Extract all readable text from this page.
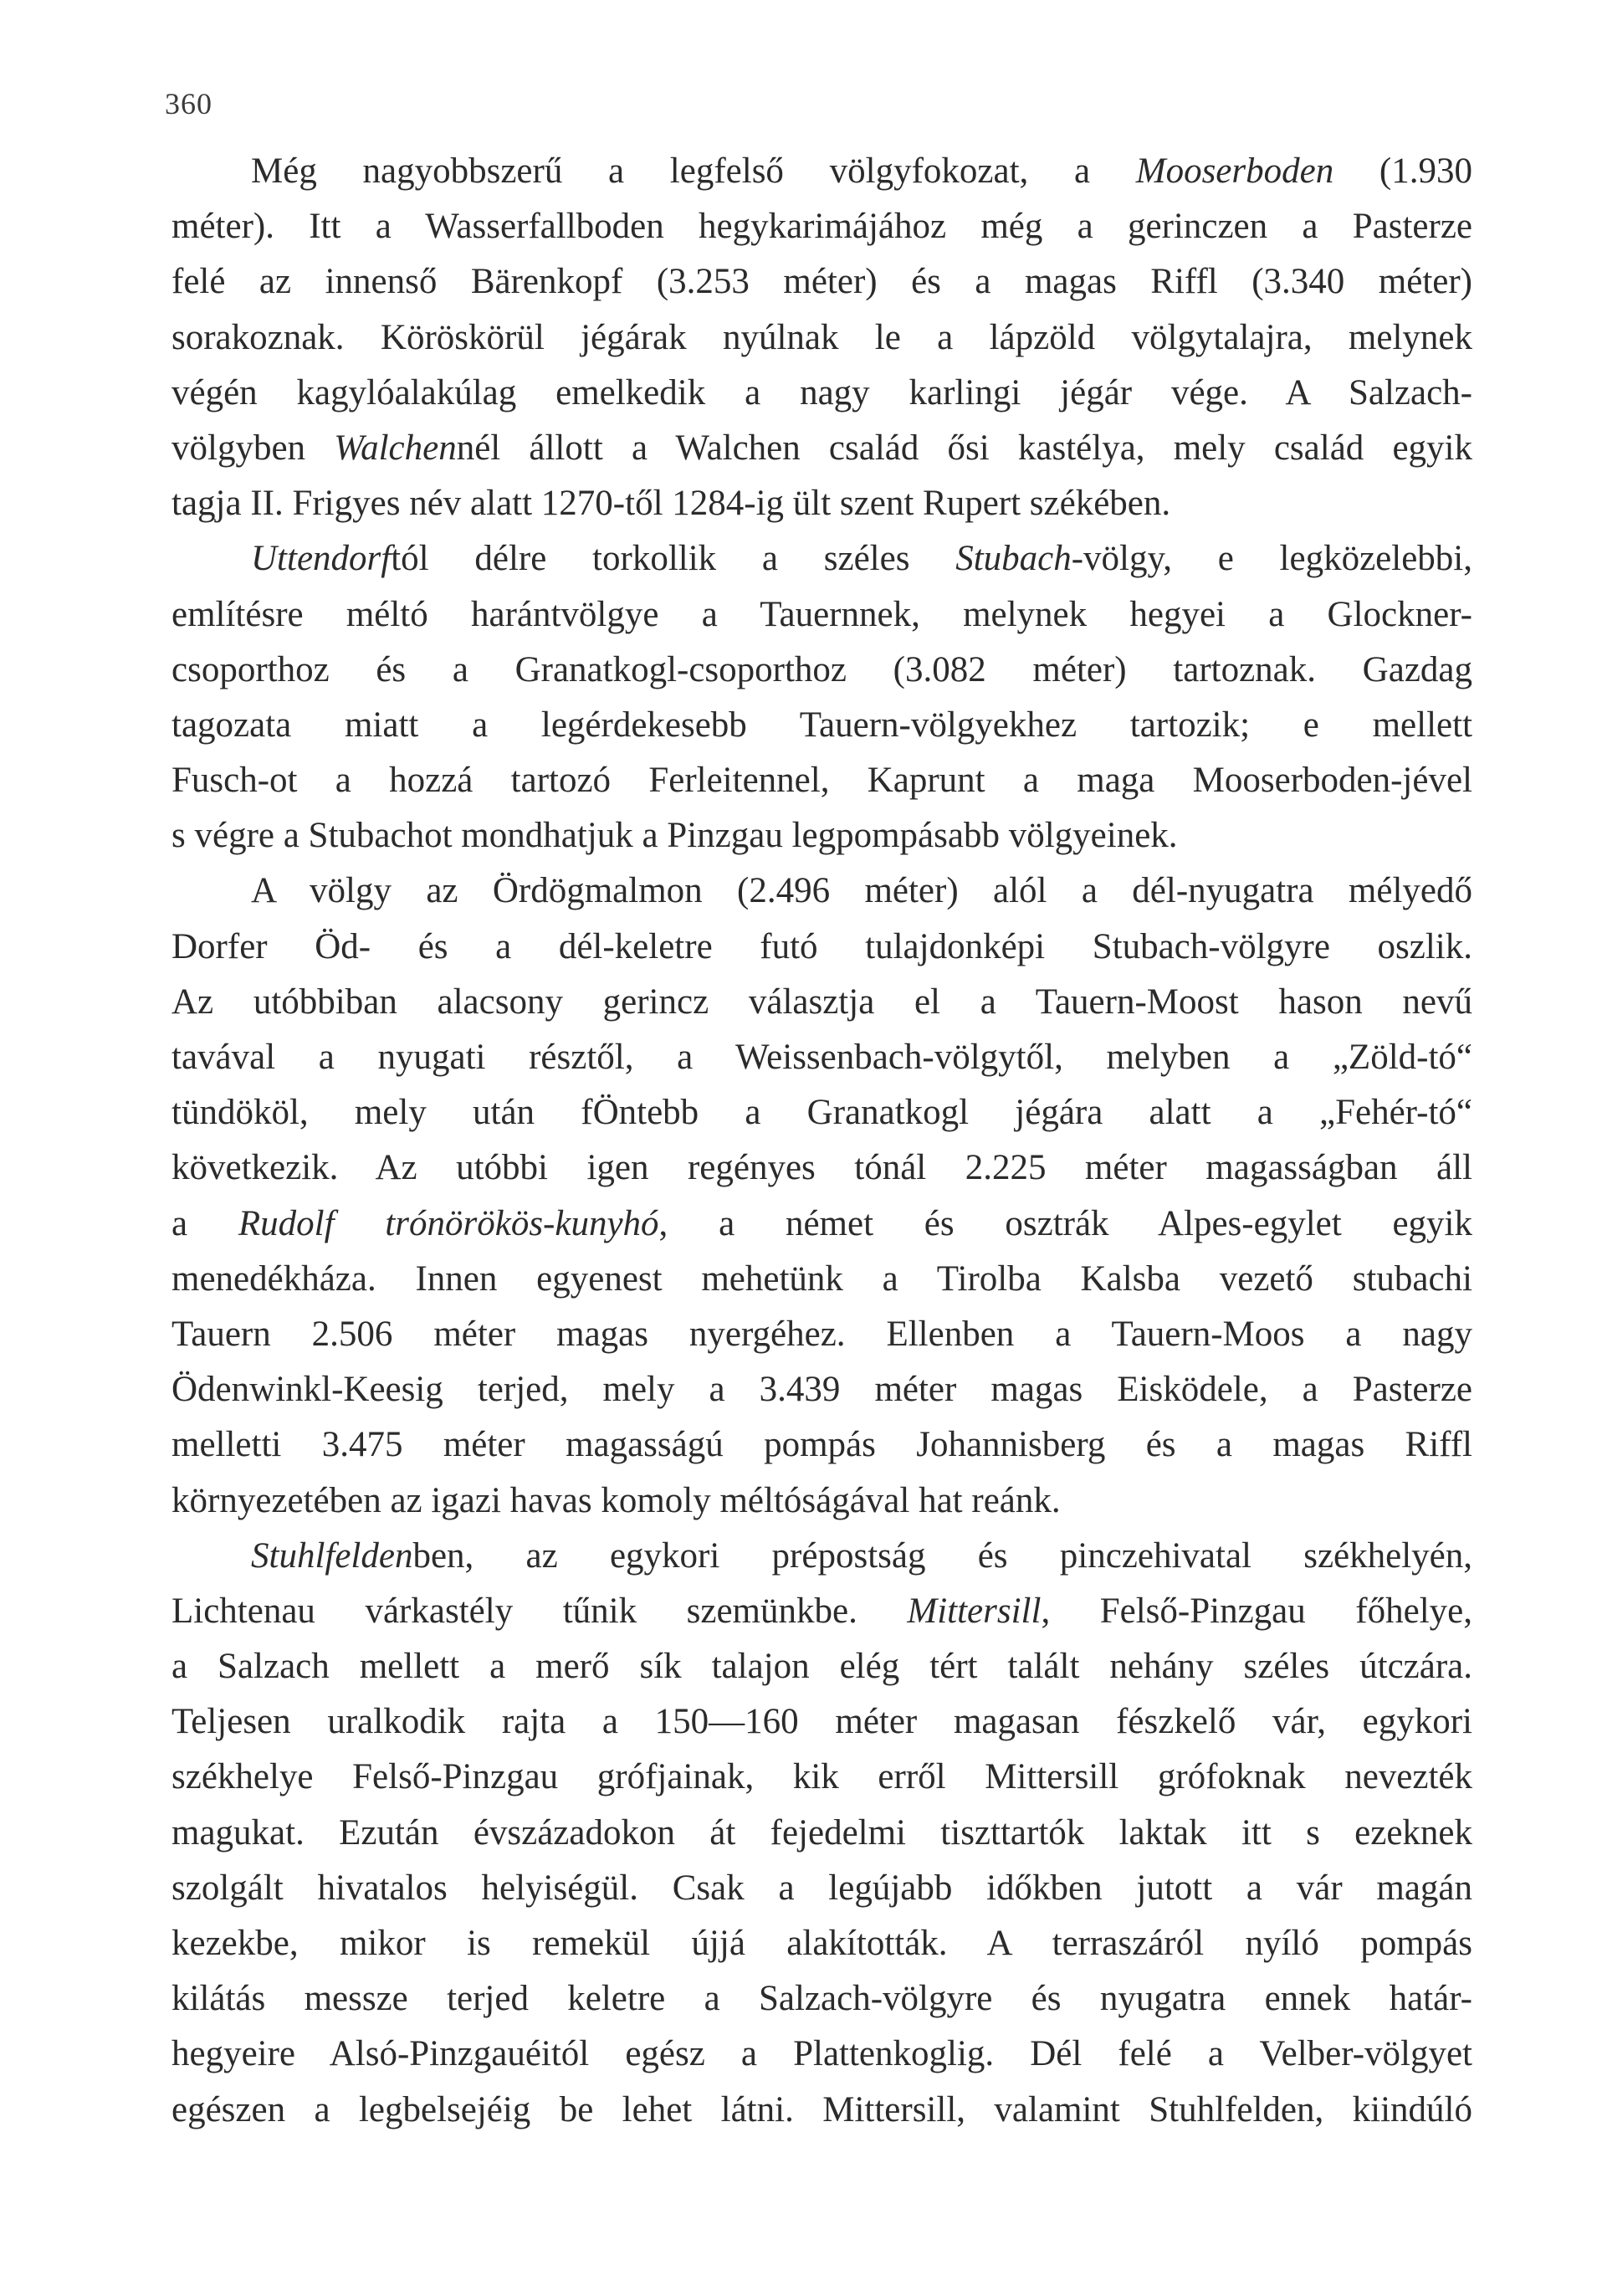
360
Még nagyobbszerű a legfelső völgyfokozat, a Mooserboden (1.930
méter). Itt a Wasserfallboden hegykarimájához még a gerinczen a Pasterze
felé az innenső Bärenkopf (3.253 méter) és a magas Riffl (3.340 méter)
sorakoznak. Köröskörül jégárak nyúlnak le a lápzöld völgytalajra, melynek
végén kagylóalakúlag emelkedik a nagy karlingi jégár vége. A Salzach-
völgyben Walchennél állott a Walchen család ősi kastélya, mely család egyik
tagja II. Frigyes név alatt 1270-től 1284-ig ült szent Rupert székében.
Uttendorftól délre torkollik a széles Stubach-völgy, e legközelebbi,
említésre méltó harántvölgye a Tauernnek, melynek hegyei a Glockner-
csoporthoz és a Granatkogl-csoporthoz (3.082 méter) tartoznak. Gazdag
tagozata miatt a legérdekesebb Tauern-völgyekhez tartozik; e mellett
Fusch-ot a hozzá tartozó Ferleitennel, Kaprunt a maga Mooserboden-jével
s végre a Stubachot mondhatjuk a Pinzgau legpompásabb völgyeinek.
A völgy az Ördögmalmon (2.496 méter) alól a dél-nyugatra mélyedő
Dorfer Öd- és a dél-keletre futó tulajdonképi Stubach-völgyre oszlik.
Az utóbbiban alacsony gerincz választja el a Tauern-Moost hason nevű
tavával a nyugati résztől, a Weissenbach-völgytől, melyben a „Zöld-tó“
tündököl, mely után fÖntebb a Granatkogl jégára alatt a „Fehér-tó“
következik. Az utóbbi igen regényes tónál 2.225 méter magasságban áll
a Rudolf trónörökös-kunyhó, a német és osztrák Alpes-egylet egyik
menedékháza. Innen egyenest mehetünk a Tirolba Kalsba vezető stubachi
Tauern 2.506 méter magas nyergéhez. Ellenben a Tauern-Moos a nagy
Ödenwinkl-Keesig terjed, mely a 3.439 méter magas Eisködele, a Pasterze
melletti 3.475 méter magasságú pompás Johannisberg és a magas Riffl
környezetében az igazi havas komoly méltóságával hat reánk.
Stuhlfeldenben, az egykori prépostság és pinczehivatal székhelyén,
Lichtenau várkastély tűnik szemünkbe. Mittersill, Felső-Pinzgau főhelye,
a Salzach mellett a merő sík talajon elég tért talált nehány széles útczára.
Teljesen uralkodik rajta a 150—160 méter magasan fészkelő vár, egykori
székhelye Felső-Pinzgau grófjainak, kik erről Mittersill grófoknak nevezték
magukat. Ezután évszázadokon át fejedelmi tiszttartók laktak itt s ezeknek
szolgált hivatalos helyiségül. Csak a legújabb időkben jutott a vár magán
kezekbe, mikor is remekül újjá alakították. A terraszáról nyíló pompás
kilátás messze terjed keletre a Salzach-völgyre és nyugatra ennek határ-
hegyeire Alsó-Pinzgauéitól egész a Plattenkoglig. Dél felé a Velber-völgyet
egészen a legbelsejéig be lehet látni. Mittersill, valamint Stuhlfelden, kiindúló
